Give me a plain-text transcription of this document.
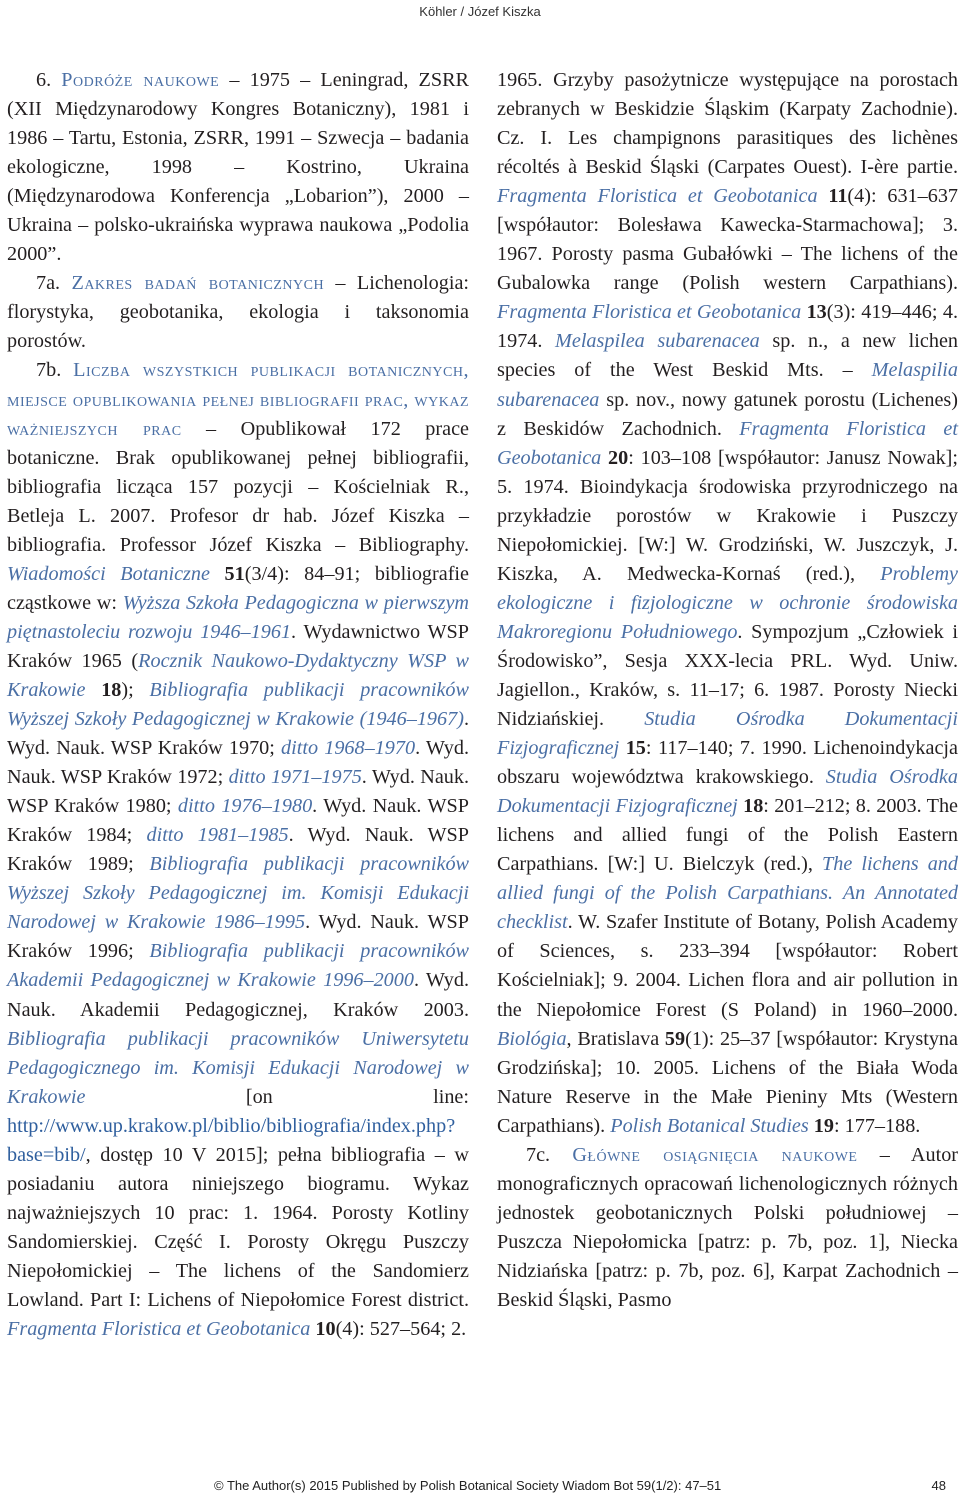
Köhler / Józef Kiszka

6. Podróże naukowe – 1975 – Leningrad, ZSRR (XII Międzynarodowy Kongres Botaniczny), 1981 i 1986 – Tartu, Estonia, ZSRR, 1991 – Szwecja – badania ekologiczne, 1998 – Kostrino, Ukraina (Międzynarodowa Konferencja „Lobarion”), 2000 – Ukraina – polsko-ukraińska wyprawa naukowa „Podolia 2000”.

7a. Zakres badań botanicznych – Lichenologia: florystyka, geobotanika, ekologia i taksonomia porostów.

7b. Liczba wszystkich publikacji botanicznych, miejsce opublikowania pełnej bibliografii prac, wykaz ważniejszych prac – Opublikował 172 prace botaniczne. Brak opublikowanej pełnej bibliografii, bibliografia licząca 157 pozycji – Kościelniak R., Betleja L. 2007. Profesor dr hab. Józef Kiszka – bibliografia. Professor Józef Kiszka – Bibliography. Wiadomości Botaniczne 51(3/4): 84–91; bibliografie cząstkowe w: Wyższa Szkoła Pedagogiczna w pierwszym piętnastoleciu rozwoju 1946–1961. Wydawnictwo WSP Kraków 1965 (Rocznik Naukowo-Dydaktyczny WSP w Krakowie 18); Bibliografia publikacji pracowników Wyższej Szkoły Pedagogicznej w Krakowie (1946–1967). Wyd. Nauk. WSP Kraków 1970; ditto 1968–1970. Wyd. Nauk. WSP Kraków 1972; ditto 1971–1975. Wyd. Nauk. WSP Kraków 1980; ditto 1976–1980. Wyd. Nauk. WSP Kraków 1984; ditto 1981–1985. Wyd. Nauk. WSP Kraków 1989; Bibliografia publikacji pracowników Wyższej Szkoły Pedagogicznej im. Komisji Edukacji Narodowej w Krakowie 1986–1995. Wyd. Nauk. WSP Kraków 1996; Bibliografia publikacji pracowników Akademii Pedagogicznej w Krakowie 1996–2000. Wyd. Nauk. Akademii Pedagogicznej, Kraków 2003. Bibliografia publikacji pracowników Uniwersytetu Pedagogicznego im. Komisji Edukacji Narodowej w Krakowie [on line: http://www.up.krakow.pl/biblio/bibliografia/index.php?base=bib/, dostęp 10 V 2015]; pełna bibliografia – w posiadaniu autora niniejszego biogramu. Wykaz najważniejszych 10 prac: 1. 1964. Porosty Kotliny Sandomierskiej. Część I. Porosty Okręgu Puszczy Niepołomickiej – The lichens of the Sandomierz Lowland. Part I: Lichens of Niepołomice Forest district. Fragmenta Floristica et Geobotanica 10(4): 527–564; 2.

1965. Grzyby pasożytnicze występujące na porostach zebranych w Beskidzie Śląskim (Karpaty Zachodnie). Cz. I. Les champignons parasitiques des lichènes récoltés à Beskid Śląski (Carpates Ouest). I-ère partie. Fragmenta Floristica et Geobotanica 11(4): 631–637 [współautor: Bolesława Kawecka-Starmachowa]; 3. 1967. Porosty pasma Gubałówki – The lichens of the Gubalowka range (Polish western Carpathians). Fragmenta Floristica et Geobotanica 13(3): 419–446; 4. 1974. Melaspilea subarenacea sp. n., a new lichen species of the West Beskid Mts. – Melaspilia subarenacea sp. nov., nowy gatunek porostu (Lichenes) z Beskidów Zachodnich. Fragmenta Floristica et Geobotanica 20: 103–108 [współautor: Janusz Nowak]; 5. 1974. Bioindykacja środowiska przyrodniczego na przykładzie porostów w Krakowie i Puszczy Niepołomickiej. [W:] W. Grodziński, W. Juszczyk, J. Kiszka, A. Medwecka-Kornaś (red.), Problemy ekologiczne i fizjologiczne w ochronie środowiska Makroregionu Południowego. Sympozjum „Człowiek i Środowisko”, Sesja XXX-lecia PRL. Wyd. Uniw. Jagiellon., Kraków, s. 11–17; 6. 1987. Porosty Niecki Nidziańskiej. Studia Ośrodka Dokumentacji Fizjograficznej 15: 117–140; 7. 1990. Lichenoindykacja obszaru województwa krakowskiego. Studia Ośrodka Dokumentacji Fizjograficznej 18: 201–212; 8. 2003. The lichens and allied fungi of the Polish Eastern Carpathians. [W:] U. Bielczyk (red.), The lichens and allied fungi of the Polish Carpathians. An Annotated checklist. W. Szafer Institute of Botany, Polish Academy of Sciences, s. 233–394 [współautor: Robert Kościelniak]; 9. 2004. Lichen flora and air pollution in the Niepołomice Forest (S Poland) in 1960–2000. Biológia, Bratislava 59(1): 25–37 [współautor: Krystyna Grodzińska]; 10. 2005. Lichens of the Biała Woda Nature Reserve in the Małe Pieniny Mts (Western Carpathians). Polish Botanical Studies 19: 177–188.

7c. Główne osiągnięcia naukowe – Autor monograficznych opracowań lichenologicznych różnych jednostek geobotanicznych Polski południowej – Puszcza Niepołomicka [patrz: p. 7b, poz. 1], Niecka Nidziańska [patrz: p. 7b, poz. 6], Karpat Zachodnich – Beskid Śląski, Pasmo

© The Author(s) 2015 Published by Polish Botanical Society Wiadom Bot 59(1/2): 47–51	48
